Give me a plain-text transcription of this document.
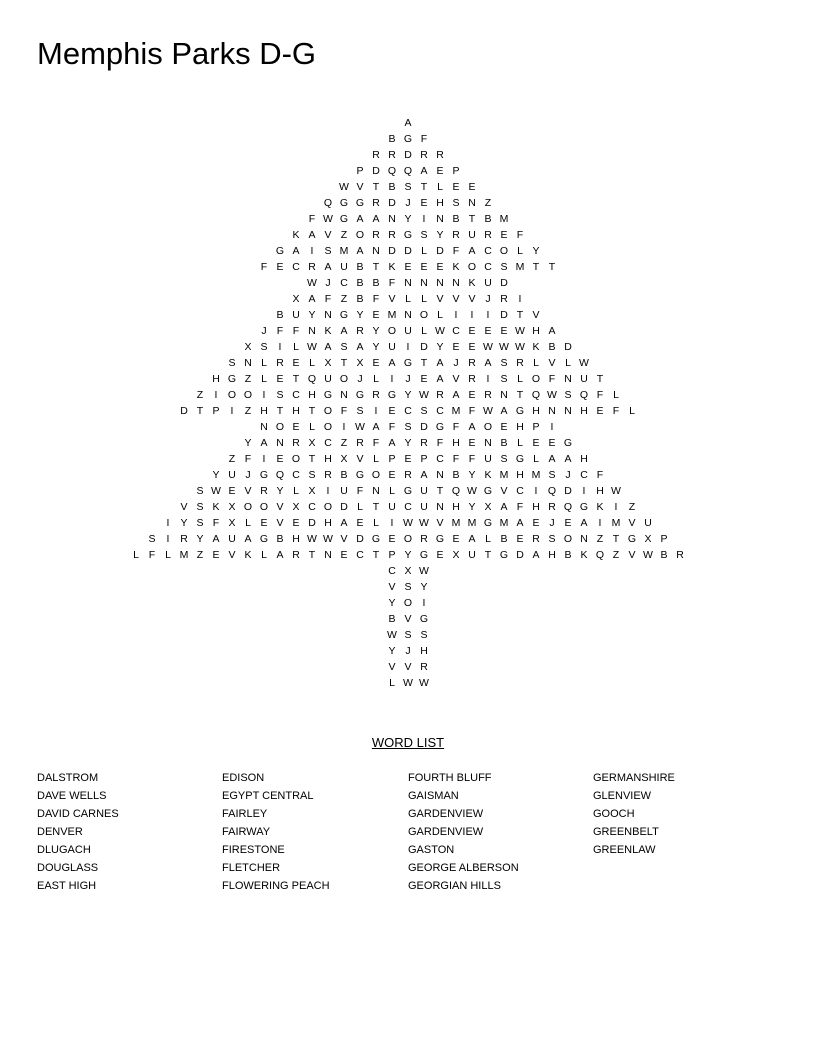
Memphis Parks D-G
A
B G F
R R D R R
P D Q Q A E P
W V T B S T L E E
Q G G R D J E H S N Z
F W G A A N Y	I	N B T B M
K A V Z O R R G S Y R U R E F
G A	I	S M A N D D L D F A C O L Y
F E C R A U B T K E E E K O C S M T T
W J C B B F N N N N K U D
X A F Z B F V L L V V V J R	I
B U Y N G Y E M N O L	I	I	I	D T V
J F F N K A R Y O U L W C E E E W H A
X S	I	L W A S A Y U	I	D Y E E W W W K B D
S N L R E L X T X E A G T A J R A S R L V L W
H G Z L E T Q U O J L	I	J E A V R	I	S L O F N U T
Z	I O O I	S C H G N G R G Y W R A E R N T Q W S Q F L
D T P	I	Z H T H T O F S	I	E C S C M F W A G H N N H E F L
N O E L O I W A F S D G F A O E H P	I
Y A N R X C Z R F A Y R F H E N B L E E G
Z F	I	E O T H X V L P E P C F F U S G L A A H
Y U J G Q C S R B G O E R A N B Y K M H M S J C F
S W E V R Y L X	I	U F N L G U T Q W G V C	I Q D	I	H W
V S K X O O V X C O D L T U C U N H Y X A F H R Q G K	I	Z
I	Y S F X L E V E D H A E L	I W W V M M G M A E J E A	I M V U
S	I	R Y A U A G B H W W V D G E O R G E A L B E R S O N Z T G X P
L F L M Z E V K L A R T N E C T P Y G E X U T G D A H B K Q Z V W B R
C X W
V S Y
Y O I
B V G
W S S
Y J H
V V R
L W W
WORD LIST
DALSTROM
DAVE WELLS
DAVID CARNES
DENVER
DLUGACH
DOUGLASS
EAST HIGH
EDISON
EGYPT CENTRAL
FAIRLEY
FAIRWAY
FIRESTONE
FLETCHER
FLOWERING PEACH
FOURTH BLUFF
GAISMAN
GARDENVIEW
GARDENVIEW
GASTON
GEORGE ALBERSON
GEORGIAN HILLS
GERMANSHIRE
GLENVIEW
GOOCH
GREENBELT
GREENLAW
